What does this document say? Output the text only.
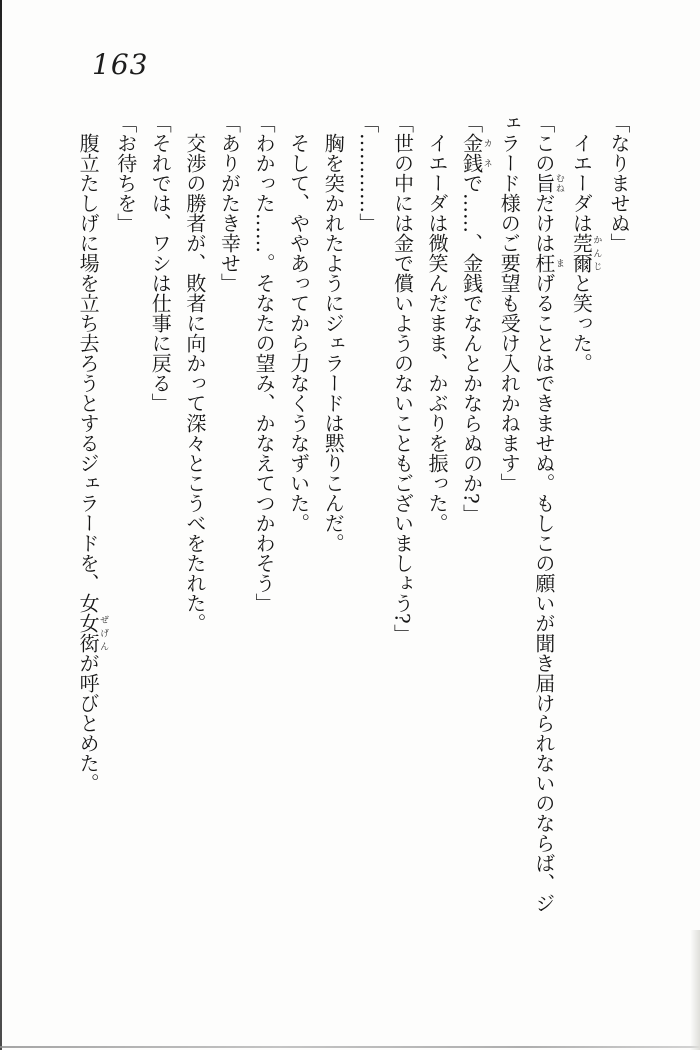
163

「なりませぬ」

イエーダは莞爾かんじと笑った。

「この旨むねだけは枉まげることはできませぬ。もしこの願いが聞き届けられないのならば、ジェラード様のご要望も受け入れかねます」

「金銭カネで……、金銭でなんとかならぬのか?」

イエーダは微笑んだまま、かぶりを振った。

「世の中には金で償いようのないこともございましょう?」

「…………」

胸を突かれたようにジェラードは黙りこんだ。

そして、ややあってから力なくうなずいた。

「わかった……。そなたの望み、かなえてつかわそう」

「ありがたき幸せ」

交渉の勝者が、敗者に向かって深々とこうべをたれた。

「それでは、ワシは仕事に戻る」

「お待ちを」

腹立たしげに場を立ち去ろうとするジェラードを、女女衒ぜげんが呼びとめた。
